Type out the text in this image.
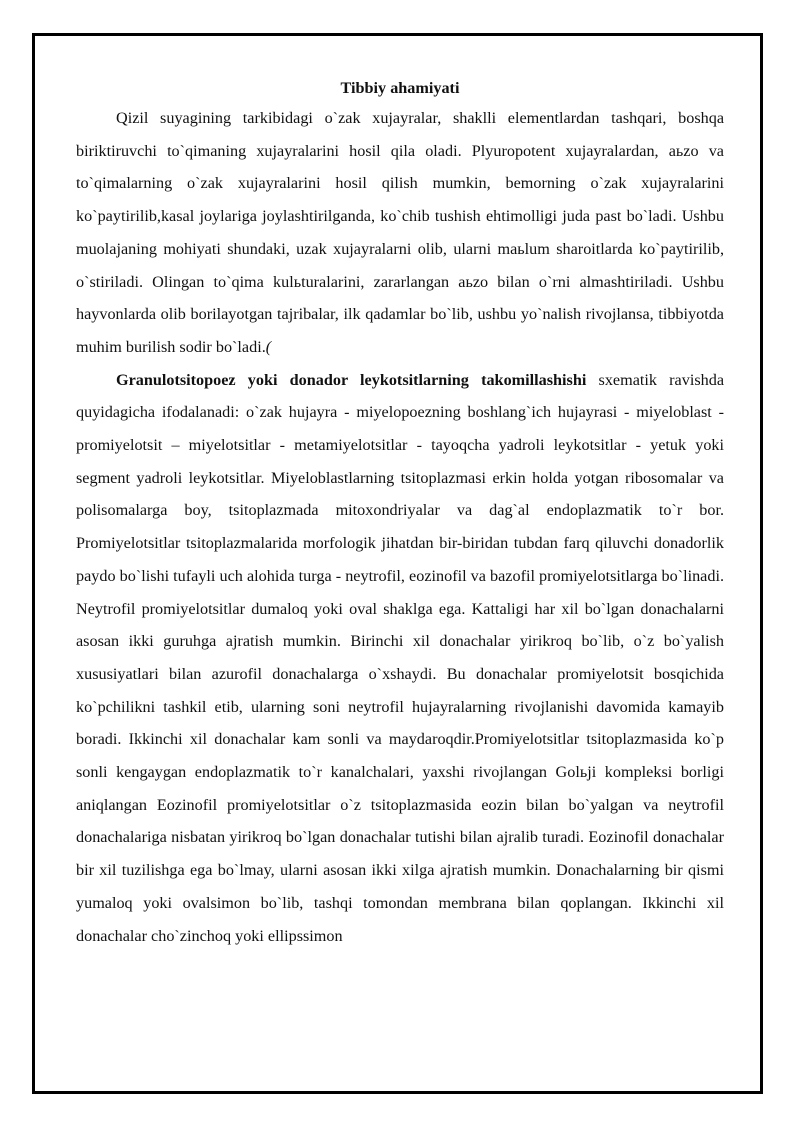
Tibbiy ahamiyati

Qizil suyagining tarkibidagi o`zak xujayralar, shaklli elementlardan tashqari, boshqa biriktiruvchi to`qimaning xujayralarini hosil qila oladi. Plyuropotent xujayralardan, aьzo va to`qimalarning o`zak xujayralarini hosil qilish mumkin, bemorning o`zak xujayralarini ko`paytirilib,kasal joylariga joylashtirilganda, ko`chib tushish ehtimolligi juda past bo`ladi. Ushbu muolajaning mohiyati shundaki, uzak xujayralarni olib, ularni maьlum sharoitlarda ko`paytirilib, o`stiriladi. Olingan to`qima kulьturalarini, zararlangan aьzo bilan o`rni almashtiriladi. Ushbu hayvonlarda olib borilayotgan tajribalar, ilk qadamlar bo`lib, ushbu yo`nalish rivojlansa, tibbiyotda muhim burilish sodir bo`ladi.(

Granulotsitopoez yoki donador leykotsitlarning takomillashishi sxematik ravishda quyidagicha ifodalanadi: o`zak hujayra - miyelopoezning boshlang`ich hujayrasi - miyeloblast - promiyelotsit – miyelotsitlar - metamiyelotsitlar - tayoqcha yadroli leykotsitlar - yetuk yoki segment yadroli leykotsitlar. Miyeloblastlarning tsitoplazmasi erkin holda yotgan ribosomalar va polisomalarga boy, tsitoplazmada mitoxondriyalar va dag`al endoplazmatik to`r bor. Promiyelotsitlar tsitoplazmalarida morfologik jihatdan bir-biridan tubdan farq qiluvchi donadorlik paydo bo`lishi tufayli uch alohida turga - neytrofil, eozinofil va bazofil promiyelotsitlarga bo`linadi. Neytrofil promiyelotsitlar dumaloq yoki oval shaklga ega. Kattaligi har xil bo`lgan donachalarni asosan ikki guruhga ajratish mumkin. Birinchi xil donachalar yirikroq bo`lib, o`z bo`yalish xususiyatlari bilan azurofil donachalarga o`xshaydi. Bu donachalar promiyelotsit bosqichida ko`pchilikni tashkil etib, ularning soni neytrofil hujayralarning rivojlanishi davomida kamayib boradi. Ikkinchi xil donachalar kam sonli va maydaroqdir.Promiyelotsitlar tsitoplazmasida ko`p sonli kengaygan endoplazmatik to`r kanalchalari, yaxshi rivojlangan Golьji kompleksi borligi aniqlangan Eozinofil promiyelotsitlar o`z tsitoplazmasida eozin bilan bo`yalgan va neytrofil donachalariga nisbatan yirikroq bo`lgan donachalar tutishi bilan ajralib turadi. Eozinofil donachalar bir xil tuzilishga ega bo`lmay, ularni asosan ikki xilga ajratish mumkin. Donachalarning bir qismi yumaloq yoki ovalsimon bo`lib, tashqi tomondan membrana bilan qoplangan. Ikkinchi xil donachalar cho`zinchoq yoki ellipssimon
